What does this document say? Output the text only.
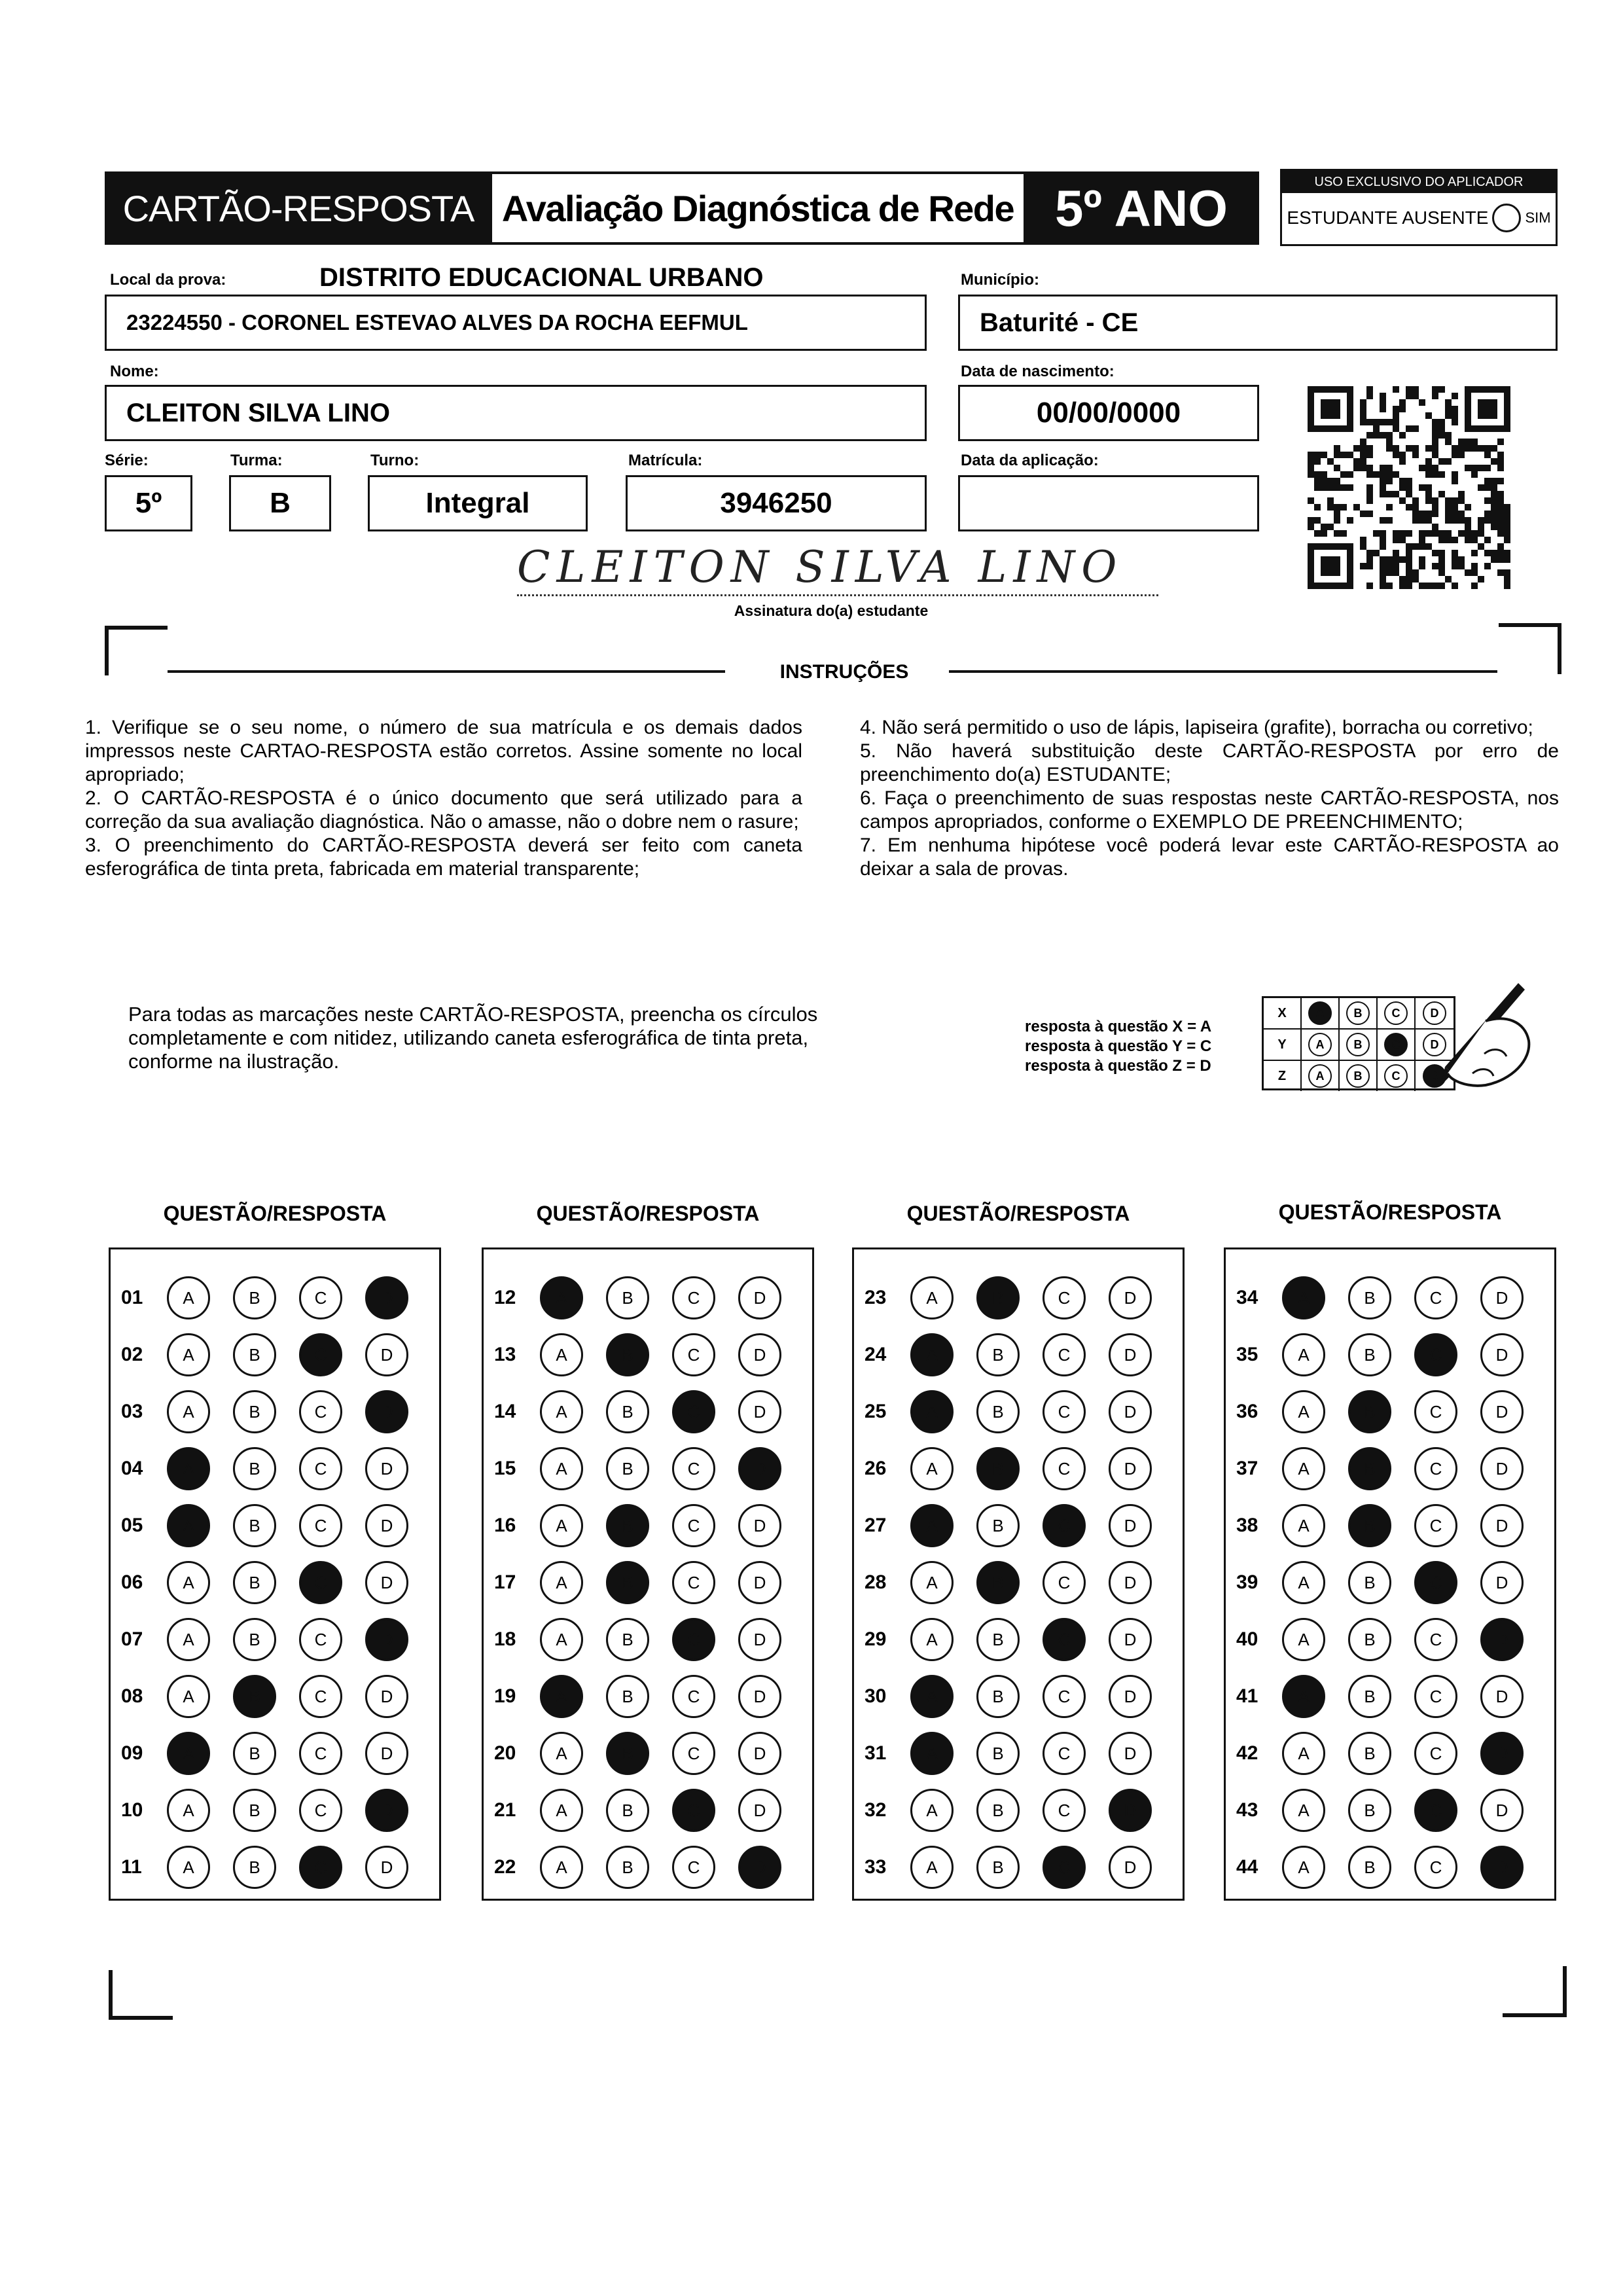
CARTÃO-RESPOSTA Avaliação Diagnóstica de Rede 5º ANO	USO EXCLUSIVO DO APLICADOR
ESTUDANTE AUSENTE	SIM
Local da prova:	DISTRITO EDUCACIONAL URBANO
23224550 - CORONEL ESTEVAO ALVES DA ROCHA EEFMUL
Município:
Baturité - CE
Nome:
CLEITON SILVA LINO
Data de nascimento:
00/00/0000
Série:
5º
Turma:
B
Turno:
Integral
Matrícula:
3946250
Data da aplicação:
CLEITON SILVA LINO
Assinatura do(a) estudante
INSTRUÇÕES

1. Verifique se o seu nome, o número de sua matrícula e os demais dados impressos neste CARTAO-RESPOSTA estão corretos. Assine somente no local apropriado;

2. O CARTÃO-RESPOSTA é o único documento que será utilizado para a correção da sua avaliação diagnóstica. Não o amasse, não o dobre nem o rasure;

3. O preenchimento do CARTÃO-RESPOSTA deverá ser feito com caneta esferográfica de tinta preta, fabricada em material transparente;

4. Não será permitido o uso de lápis, lapiseira (grafite), borracha ou corretivo;

5. Não haverá substituição deste CARTÃO-RESPOSTA por erro de preenchimento do(a) ESTUDANTE;

6. Faça o preenchimento de suas respostas neste CARTÃO-RESPOSTA, nos campos apropriados, conforme o EXEMPLO DE PREENCHIMENTO;

7. Em nenhuma hipótese você poderá levar este CARTÃO-RESPOSTA ao deixar a sala de provas.

Para todas as marcações neste CARTÃO-RESPOSTA, preencha os círculos completamente e com nitidez, utilizando caneta esferográfica de tinta preta, conforme na ilustração.
resposta à questão X = A
resposta à questão Y = C
resposta à questão Z = D
X	A	B	C	D
Y	A	B	C	D
Z	A	B	C	D
QUESTÃO/RESPOSTA	QUESTÃO/RESPOSTA	QUESTÃO/RESPOSTA	QUESTÃO/RESPOSTA
01	A	B	C	D
02	A	B	C	D
03	A	B	C	D
04	A	B	C	D
05	A	B	C	D
06	A	B	C	D
07	A	B	C	D
08	A	B	C	D
09	A	B	C	D
10	A	B	C	D
11	A	B	C	D
12	A	B	C	D
13	A	B	C	D
14	A	B	C	D
15	A	B	C	D
16	A	B	C	D
17	A	B	C	D
18	A	B	C	D
19	A	B	C	D
20	A	B	C	D
21	A	B	C	D
22	A	B	C	D
23	A	B	C	D
24	A	B	C	D
25	A	B	C	D
26	A	B	C	D
27	A	B	C	D
28	A	B	C	D
29	A	B	C	D
30	A	B	C	D
31	A	B	C	D
32	A	B	C	D
33	A	B	C	D
34	A	B	C	D
35	A	B	C	D
36	A	B	C	D
37	A	B	C	D
38	A	B	C	D
39	A	B	C	D
40	A	B	C	D
41	A	B	C	D
42	A	B	C	D
43	A	B	C	D
44	A	B	C	D
